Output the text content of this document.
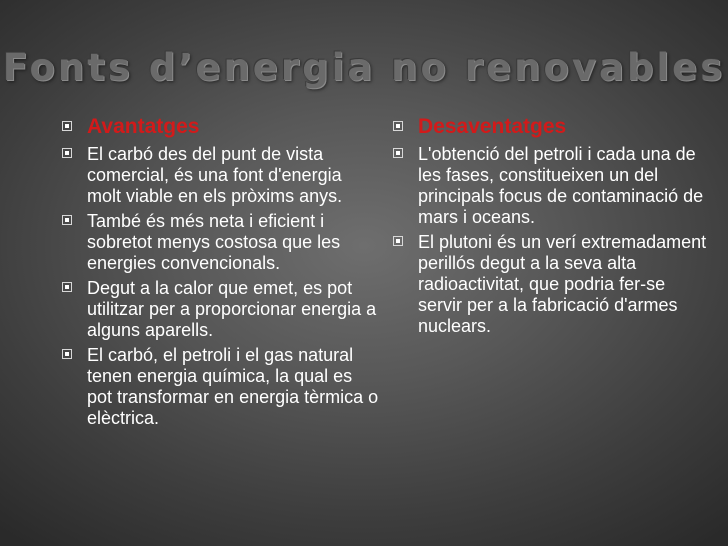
Fonts d’energia no renovables
Avantatges
El carbó des del punt de vista comercial, és una font d'energia molt viable en els pròxims anys.
També és més neta i eficient i sobretot menys costosa que les energies convencionals.
Degut a la calor que emet, es pot utilitzar per a proporcionar energia a alguns aparells.
El carbó, el petroli i el gas natural tenen energia química, la qual es pot transformar en energia tèrmica o elèctrica.
Desaventatges
L'obtenció del petroli i cada una de les fases, constitueixen un del principals focus de contaminació de mars i oceans.
El plutoni és un verí extremadament perillós degut a la seva alta radioactivitat, que podria fer-se servir per a la fabricació d'armes nuclears.
